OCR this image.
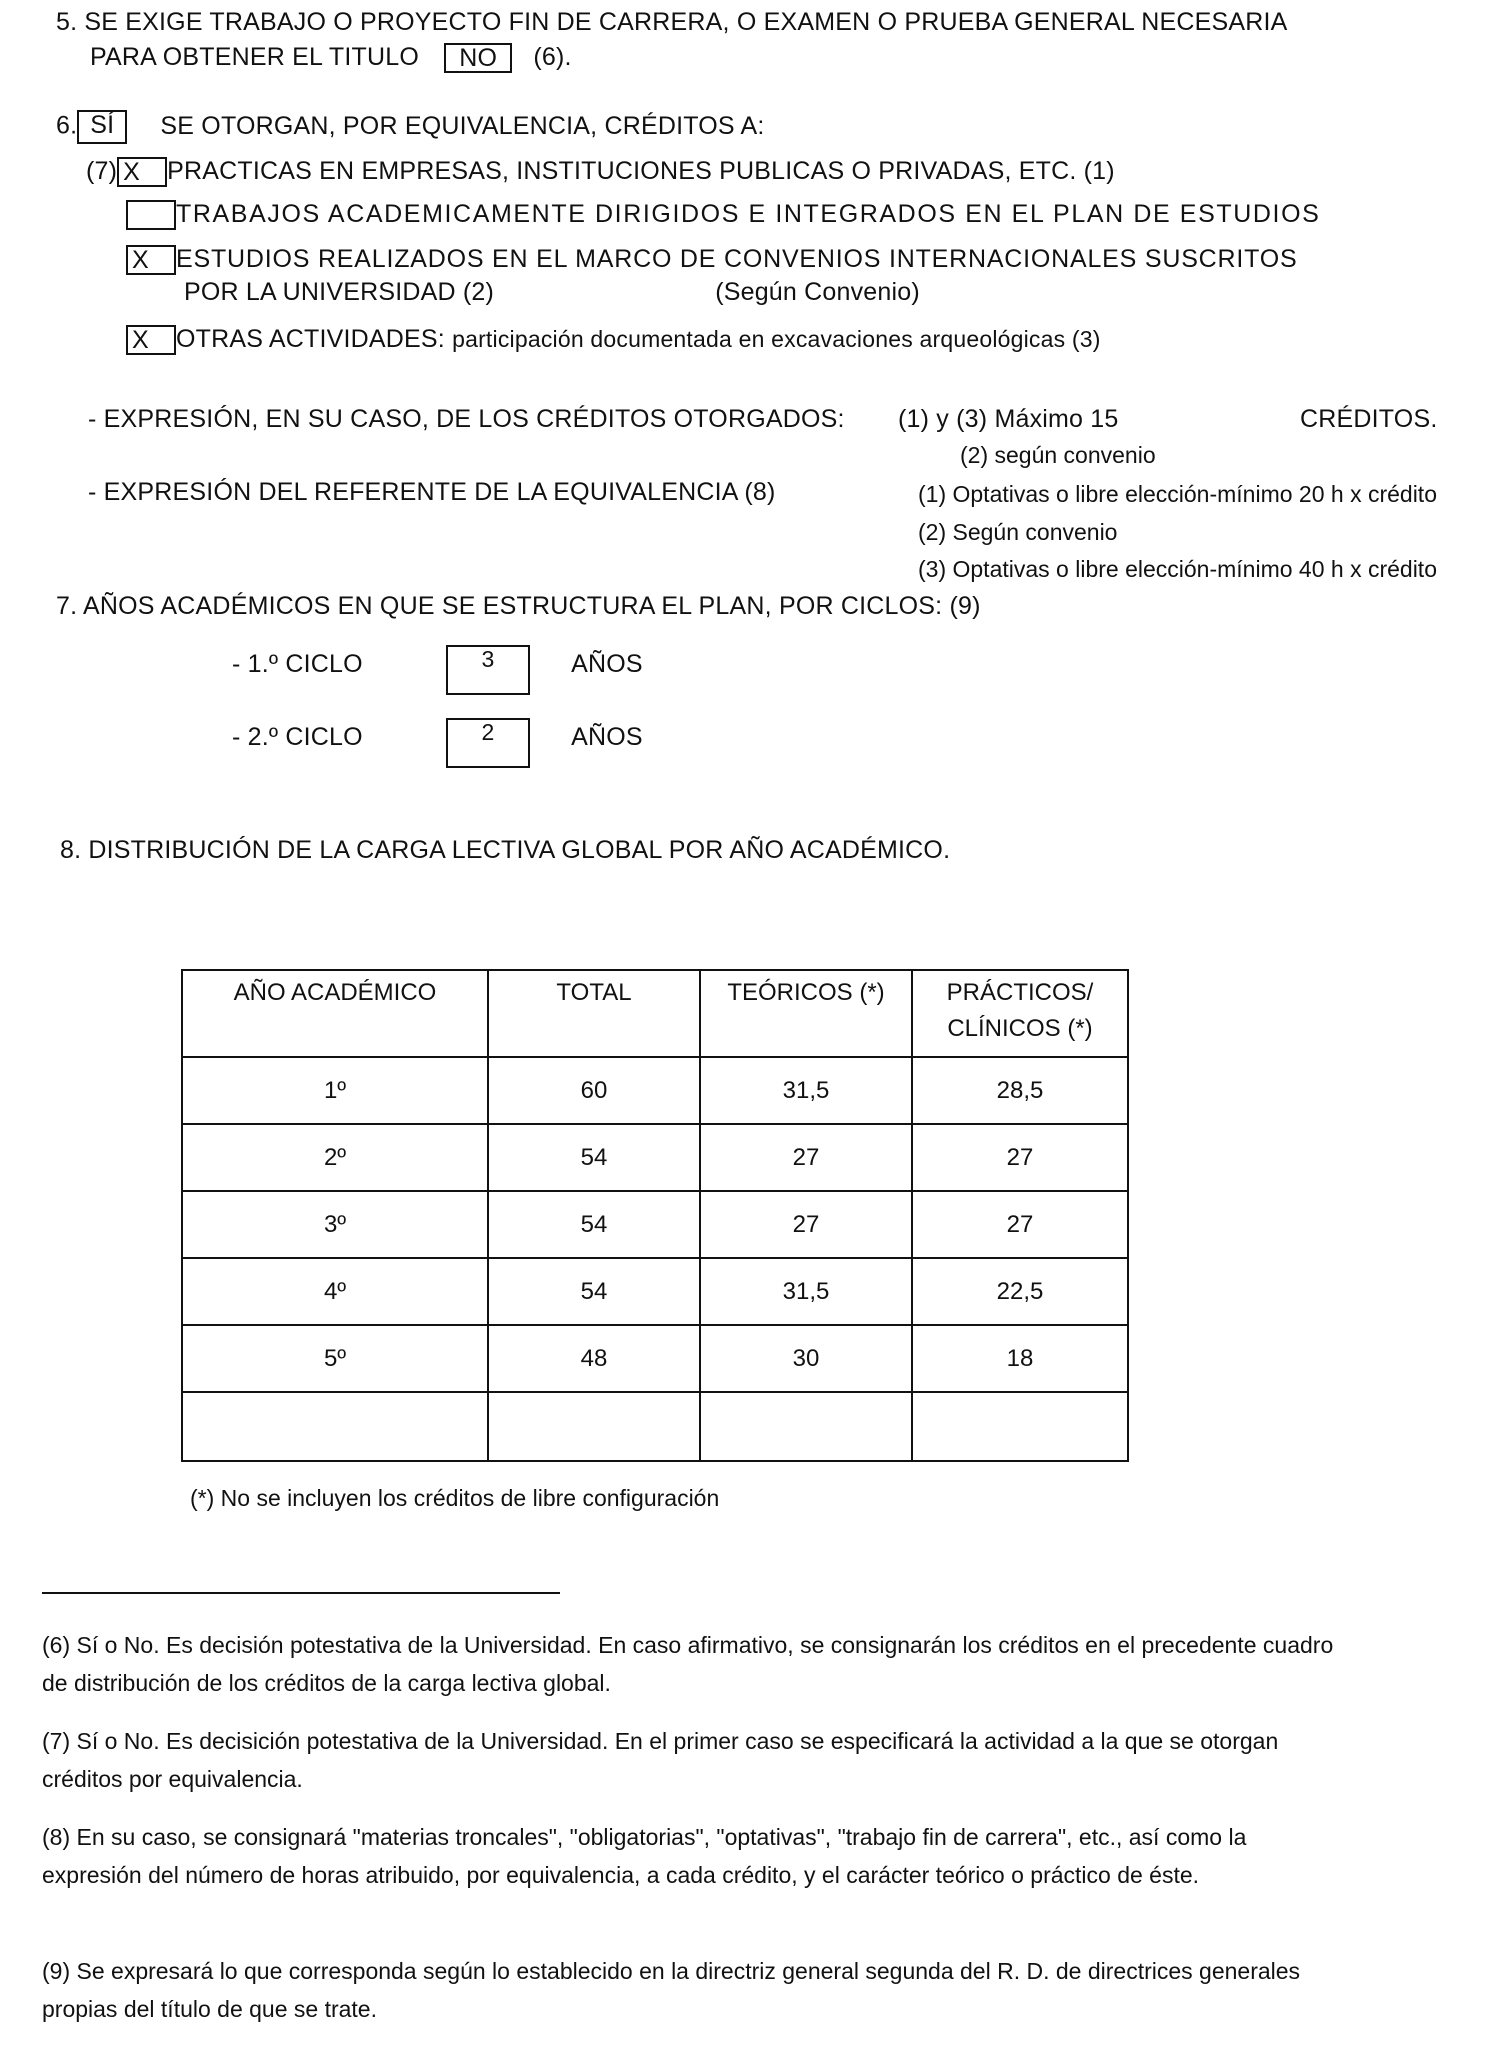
5. SE EXIGE TRABAJO O PROYECTO FIN DE CARRERA, O EXAMEN O PRUEBA GENERAL NECESARIA
PARA OBTENER EL TITULO NO (6).
6. SÍ SE OTORGAN, POR EQUIVALENCIA, CRÉDITOS A:
(7) X PRACTICAS EN EMPRESAS, INSTITUCIONES PUBLICAS O PRIVADAS, ETC. (1)
TRABAJOS ACADEMICAMENTE DIRIGIDOS E INTEGRADOS EN EL PLAN DE ESTUDIOS
X ESTUDIOS REALIZADOS EN EL MARCO DE CONVENIOS INTERNACIONALES SUSCRITOS
POR LA UNIVERSIDAD (2)	(Según Convenio)
X OTRAS ACTIVIDADES: participación documentada en excavaciones arqueológicas (3)
- EXPRESIÓN, EN SU CASO, DE LOS CRÉDITOS OTORGADOS: (1) y (3) Máximo 15	CRÉDITOS.
(2) según convenio
- EXPRESIÓN DEL REFERENTE DE LA EQUIVALENCIA (8)	(1) Optativas o libre elección-mínimo 20 h x crédito
(2) Según convenio
(3) Optativas o libre elección-mínimo 40 h x crédito
7. AÑOS ACADÉMICOS EN QUE SE ESTRUCTURA EL PLAN, POR CICLOS: (9)
- 1.º CICLO	3	AÑOS
- 2.º CICLO	2	AÑOS
8. DISTRIBUCIÓN DE LA CARGA LECTIVA GLOBAL POR AÑO ACADÉMICO.
AÑO ACADÉMICO	TOTAL	TEÓRICOS (*)	PRÁCTICOS/
CLÍNICOS (*)

1º	60	31,5	28,5
2º	54	27	27
3º	54	27	27
4º	54	31,5	22,5
5º	48	30	18

(*) No se incluyen los créditos de libre configuración
(6) Sí o No. Es decisión potestativa de la Universidad. En caso afirmativo, se consignarán los créditos en el precedente cuadro de distribución de los créditos de la carga lectiva global.
(7) Sí o No. Es decisición potestativa de la Universidad. En el primer caso se especificará la actividad a la que se otorgan créditos por equivalencia.
(8) En su caso, se consignará "materias troncales", "obligatorias", "optativas", "trabajo fin de carrera", etc., así como la expresión del número de horas atribuido, por equivalencia, a cada crédito, y el carácter teórico o práctico de éste.
(9) Se expresará lo que corresponda según lo establecido en la directriz general segunda del R. D. de directrices generales propias del título de que se trate.
